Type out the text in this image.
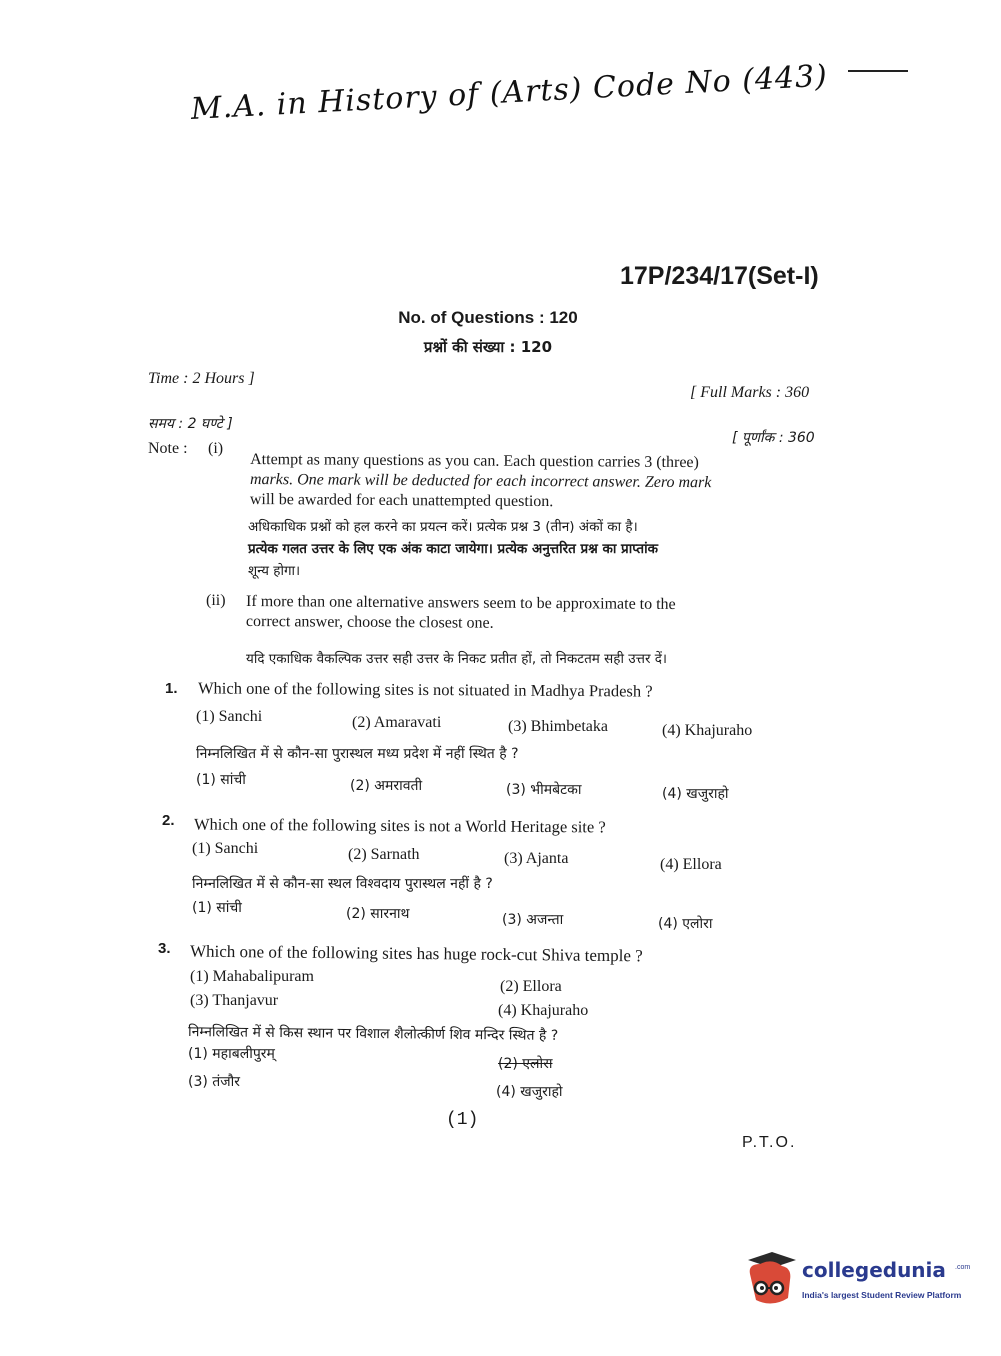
M.A. in History of (Arts) Code No (443)
17P/234/17(Set-I)
No. of Questions : 120
प्रश्नों की संख्या : 120
Time : 2 Hours ]
[ Full Marks : 360
समय : 2 घण्टे ]
[ पूर्णांक : 360
Note : (i)
Attempt as many questions as you can. Each question carries 3 (three)
marks. One mark will be deducted for each incorrect answer. Zero mark
will be awarded for each unattempted question.
अधिकाधिक प्रश्नों को हल करने का प्रयत्न करें। प्रत्येक प्रश्न 3 (तीन) अंकों का है।
प्रत्येक गलत उत्तर के लिए एक अंक काटा जायेगा। प्रत्येक अनुत्तरित प्रश्न का प्राप्तांक
शून्य होगा।
(ii) If more than one alternative answers seem to be approximate to the
correct answer, choose the closest one.
यदि एकाधिक वैकल्पिक उत्तर सही उत्तर के निकट प्रतीत हों, तो निकटतम सही उत्तर दें।
1. Which one of the following sites is not situated in Madhya Pradesh ?
(1) Sanchi	(2) Amaravati	(3) Bhimbetaka	(4) Khajuraho
निम्नलिखित में से कौन-सा पुरास्थल मध्य प्रदेश में नहीं स्थित है ?
(1) सांची	(2) अमरावती	(3) भीमबेटका	(4) खजुराहो
2. Which one of the following sites is not a World Heritage site ?
(1) Sanchi	(2) Sarnath	(3) Ajanta	(4) Ellora
निम्नलिखित में से कौन-सा स्थल विश्वदाय पुरास्थल नहीं है ?
(1) सांची	(2) सारनाथ	(3) अजन्ता	(4) एलोरा
3. Which one of the following sites has huge rock-cut Shiva temple ?
(1) Mahabalipuram
(2) Ellora
(3) Thanjavur
(4) Khajuraho
निम्नलिखित में से किस स्थान पर विशाल शैलोत्कीर्ण शिव मन्दिर स्थित है ?
(1) महाबलीपुरम्
(2) एलोरा
(3) तंजौर
(4) खजुराहो
(1)
P.T.O.
collegedunia .com
India's largest Student Review Platform
